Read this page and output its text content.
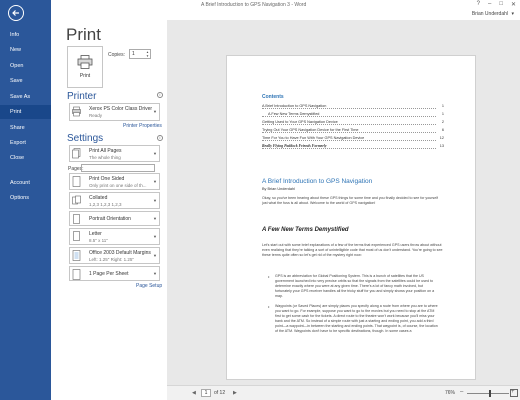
Info
New
Open
Save
Save As
Print
Share
Export
Close
Account
Options
A Brief Introduction to GPS Navigation 3 - Word	? – □ ✕
Brian Underdahl ▾
Print
Print
Copies:	1	▲
▼
Printer	i
Xerox PS Color Class Driver
Ready
▼
Printer Properties
Settings	i
Print All Pages
The whole thing
▼
Pages:
Print One Sided
Only print on one side of th...
▼
Collated
1,2,3 1,2,3 1,2,3
▼
Portrait Orientation	▼
Letter
8.5" x 11"
▼
Office 2003 Default Margins
Left: 1.25" Right: 1.25"
▼
1 Page Per Sheet	▼
Page Setup
Contents
A Brief Introduction to GPS Navigation	1
A Few New Terms Demystified	1
Getting Used to Your GPS Navigation Device	2
Trying Out Your GPS Navigation Device for the First Time	6
Time For You to Have Fun With Your GPS Navigation Device	12
Really Flying Paddock Friends Formerly	13
A Brief Introduction to GPS Navigation
By Brian Underdahl
Okay, so you've been hearing about these GPS things for some time and you finally decided to see for yourself just what the fuss is all about. Welcome to the world of GPS navigation!
A Few New Terms Demystified
Let's start out with some brief explanations of a few of the terms that experienced GPS users throw about without even realizing that they're talking a sort of unintelligible code that most of us don't understand. You're going to see these terms quite often so let's get rid of the mystery right now:
• GPS is an abbreviation for Global Positioning System. This is a bunch of satellites that the US government launched into very precise orbits so that the signals from the satellites could be used to determine exactly where you were at any given time. There's a lot of fancy math involved, but fortunately your GPS receiver handles all the tricky stuff for you and simply shows your position on a map.
• Waypoints (or Saved Places) are simply places you specify along a route from where you are to where you want to go. For example, suppose you want to go to the movies but you need to stop at the ATM first to get some cash for the tickets. A direct route to the theatre won't work because you'll miss your bank and the ATM. So instead of a simple route with just a starting and ending point, you add a third point—a waypoint—in between the starting and ending points. That waypoint is, of course, the location of the ATM. Waypoints don't have to be specific destinations, though. In some cases a
◀	1	of 12 ▶	76% –	+
